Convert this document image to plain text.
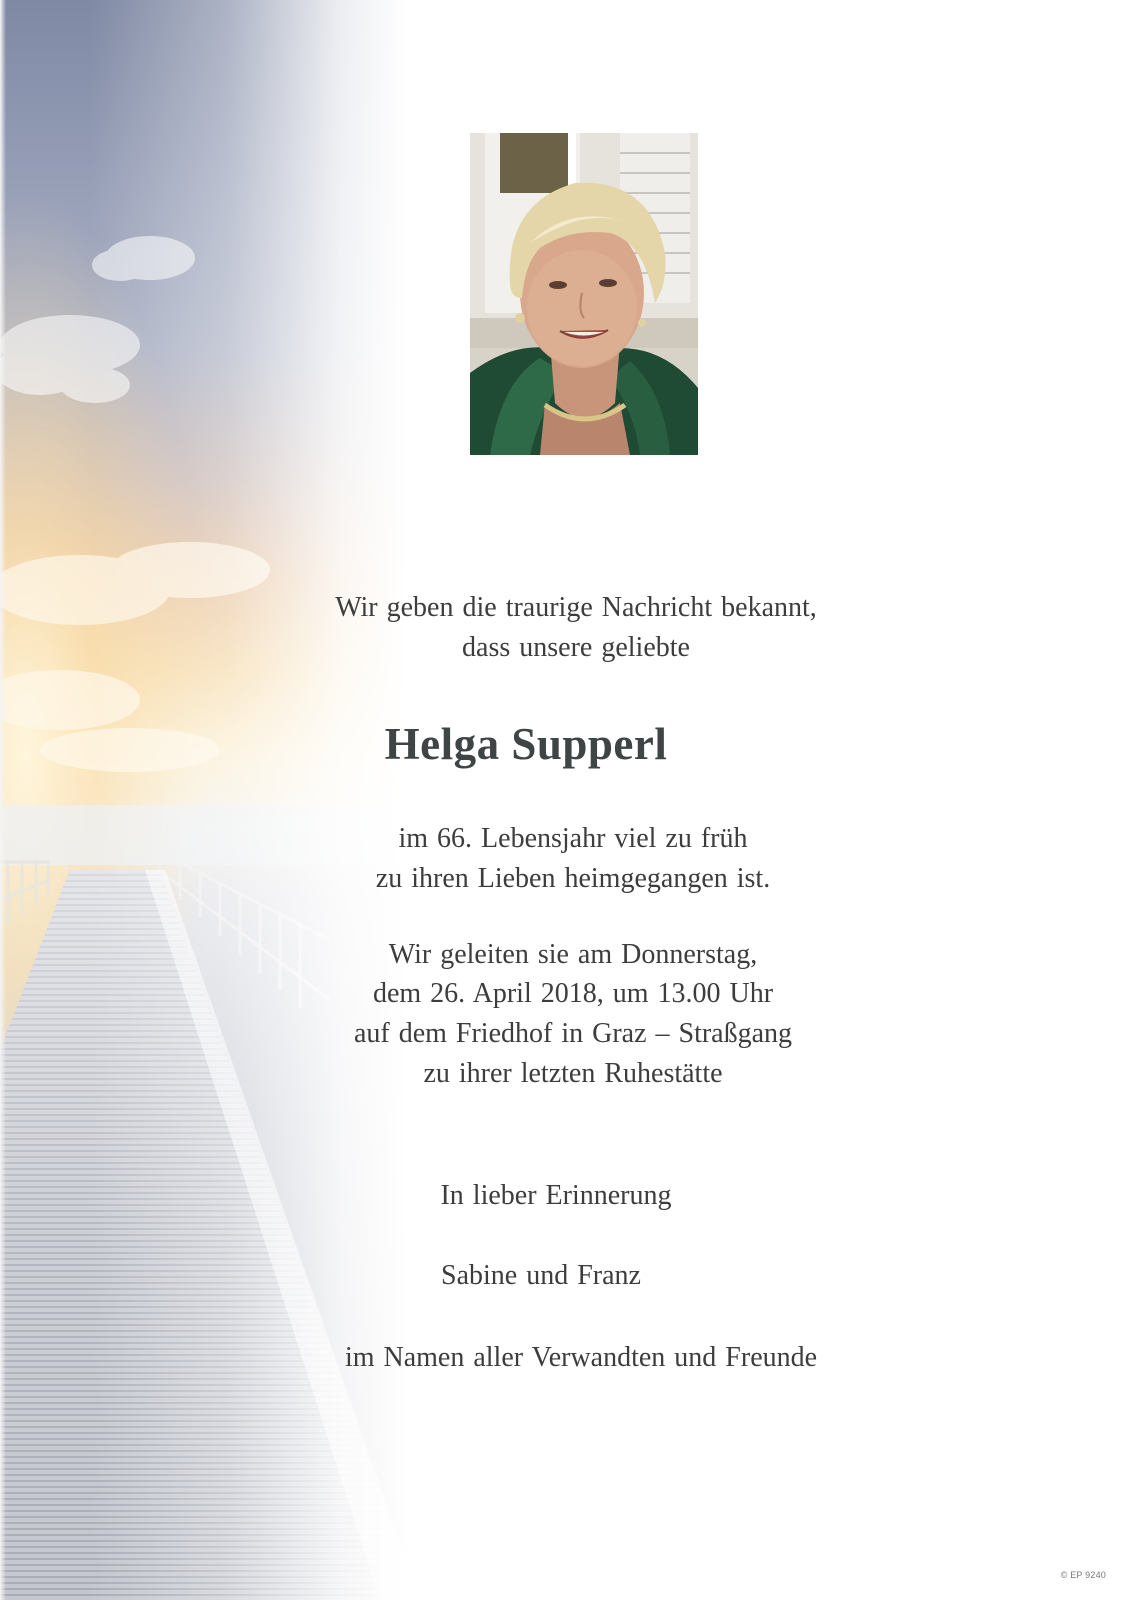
Wir geben die traurige Nachricht bekannt,
dass unsere geliebte
Helga Supperl
im 66. Lebensjahr viel zu früh
zu ihren Lieben heimgegangen ist.
Wir geleiten sie am Donnerstag,
dem 26. April 2018, um 13.00 Uhr
auf dem Friedhof in Graz – Straßgang
zu ihrer letzten Ruhestätte
In lieber Erinnerung
Sabine und Franz
im Namen aller Verwandten und Freunde
© EP 9240
